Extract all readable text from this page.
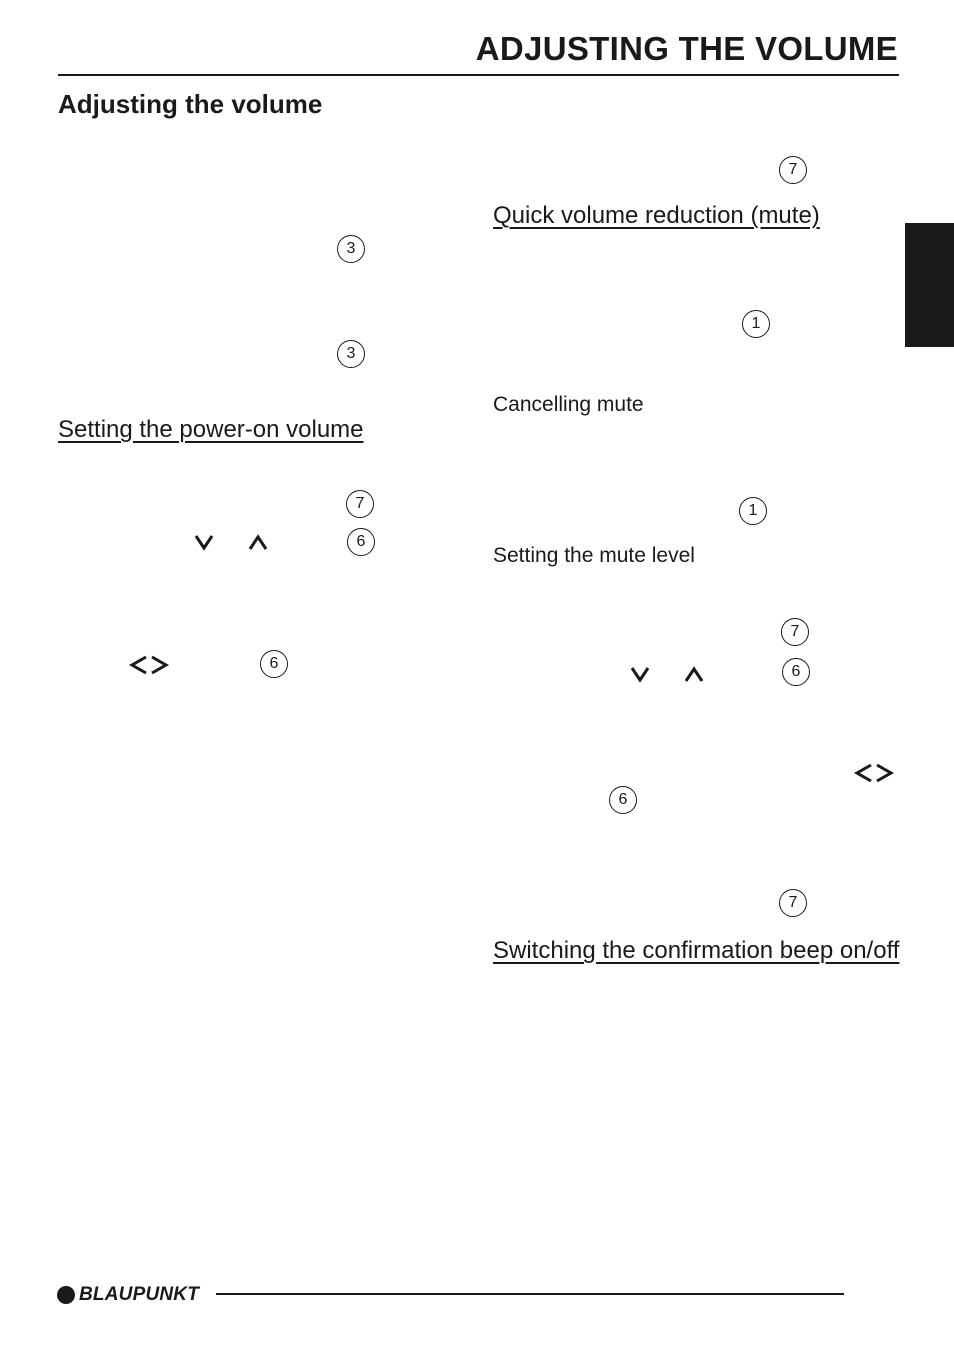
ADJUSTING THE VOLUME
Adjusting the volume
3
3
Setting the power-on volume
7
6
6
7
Quick volume reduction (mute)
1
Cancelling mute
1
Setting the mute level
7
6
6
7
Switching the confirmation beep on/off
BLAUPUNKT
